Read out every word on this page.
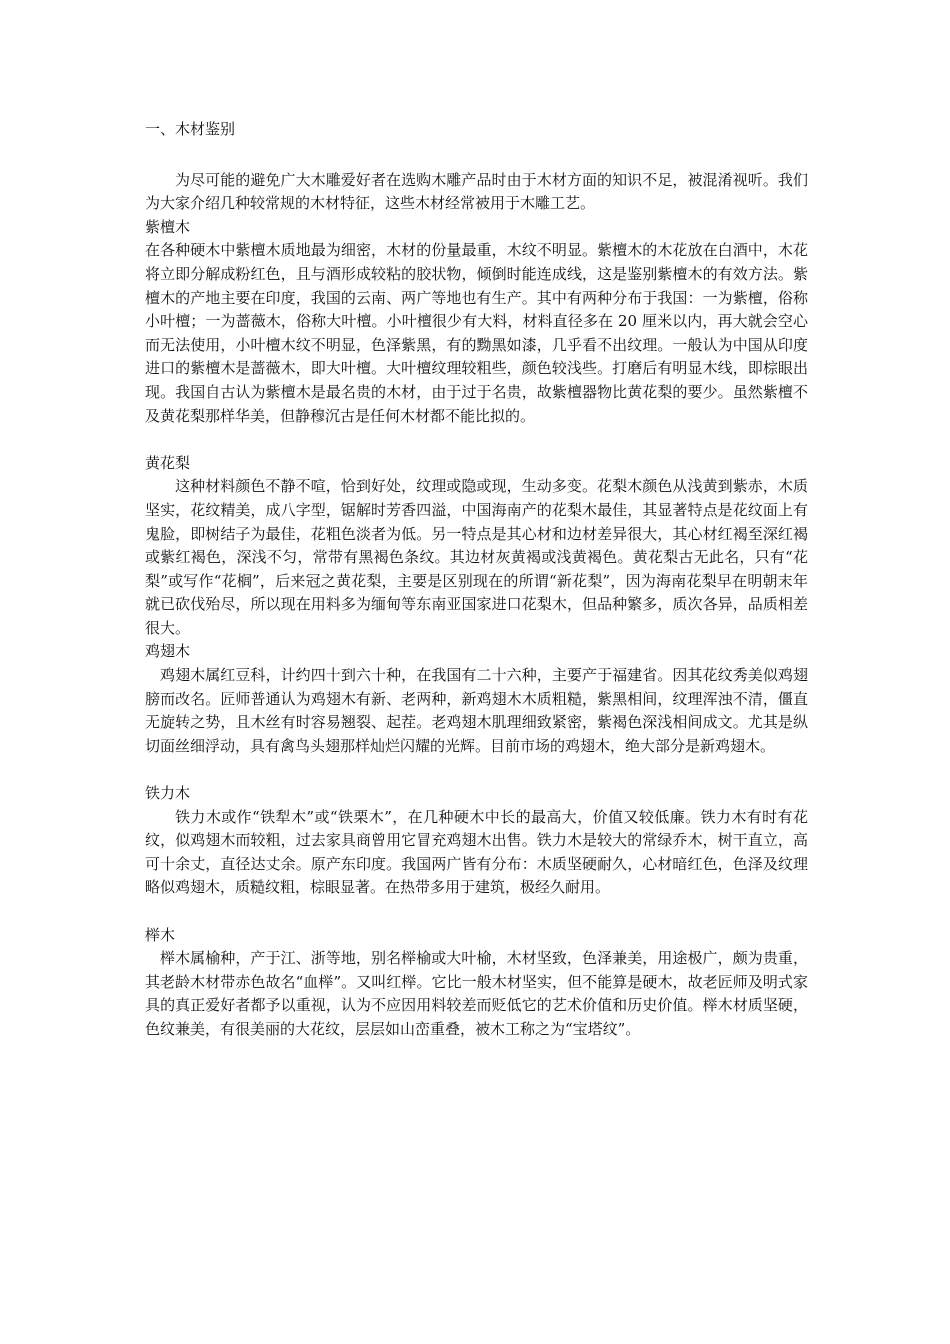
一、木材鉴别

为尽可能的避免广大木雕爱好者在选购木雕产品时由于木材方面的知识不足，被混淆视听。我们为大家介绍几种较常规的木材特征，这些木材经常被用于木雕工艺。

紫檀木

在各种硬木中紫檀木质地最为细密，木材的份量最重，木纹不明显。紫檀木的木花放在白酒中，木花将立即分解成粉红色，且与酒形成较粘的胶状物，倾倒时能连成线，这是鉴别紫檀木的有效方法。紫檀木的产地主要在印度，我国的云南、两广等地也有生产。其中有两种分布于我国：一为紫檀，俗称小叶檀；一为蔷薇木，俗称大叶檀。小叶檀很少有大料，材料直径多在 20 厘米以内，再大就会空心而无法使用，小叶檀木纹不明显，色泽紫黑，有的黝黑如漆，几乎看不出纹理。一般认为中国从印度进口的紫檀木是蔷薇木，即大叶檀。大叶檀纹理较粗些，颜色较浅些。打磨后有明显木线，即棕眼出现。我国自古认为紫檀木是最名贵的木材，由于过于名贵，故紫檀器物比黄花梨的要少。虽然紫檀不及黄花梨那样华美，但静穆沉古是任何木材都不能比拟的。

黄花梨

这种材料颜色不静不喧，恰到好处，纹理或隐或现，生动多变。花梨木颜色从浅黄到紫赤，木质坚实，花纹精美，成八字型，锯解时芳香四溢，中国海南产的花梨木最佳，其显著特点是花纹面上有鬼脸，即树结子为最佳，花粗色淡者为低。另一特点是其心材和边材差异很大，其心材红褐至深红褐或紫红褐色，深浅不匀，常带有黑褐色条纹。其边材灰黄褐或浅黄褐色。黄花梨古无此名，只有“花梨”或写作“花榈”，后来冠之黄花梨，主要是区别现在的所谓“新花梨”，因为海南花梨早在明朝末年就已砍伐殆尽，所以现在用料多为缅甸等东南亚国家进口花梨木，但品种繁多，质次各异，品质相差很大。

鸡翅木

鸡翅木属红豆科，计约四十到六十种，在我国有二十六种，主要产于福建省。因其花纹秀美似鸡翅膀而改名。匠师普通认为鸡翅木有新、老两种，新鸡翅木木质粗糙，紫黑相间，纹理浑浊不清，僵直无旋转之势，且木丝有时容易翘裂、起茬。老鸡翅木肌理细致紧密，紫褐色深浅相间成文。尤其是纵切面丝细浮动，具有禽鸟头翅那样灿烂闪耀的光辉。目前市场的鸡翅木，绝大部分是新鸡翅木。

铁力木

铁力木或作“铁犁木”或“铁栗木”，在几种硬木中长的最高大，价值又较低廉。铁力木有时有花纹，似鸡翅木而较粗，过去家具商曾用它冒充鸡翅木出售。铁力木是较大的常绿乔木，树干直立，高可十余丈，直径达丈余。原产东印度。我国两广皆有分布：木质坚硬耐久，心材暗红色，色泽及纹理略似鸡翅木，质糙纹粗，棕眼显著。在热带多用于建筑，极经久耐用。

榉木

榉木属榆种，产于江、浙等地，别名榉榆或大叶榆，木材坚致，色泽兼美，用途极广，颇为贵重，其老龄木材带赤色故名“血榉”。又叫红榉。它比一般木材坚实，但不能算是硬木，故老匠师及明式家具的真正爱好者都予以重视，认为不应因用料较差而贬低它的艺术价值和历史价值。榉木材质坚硬，色纹兼美，有很美丽的大花纹，层层如山峦重叠，被木工称之为“宝塔纹”。
